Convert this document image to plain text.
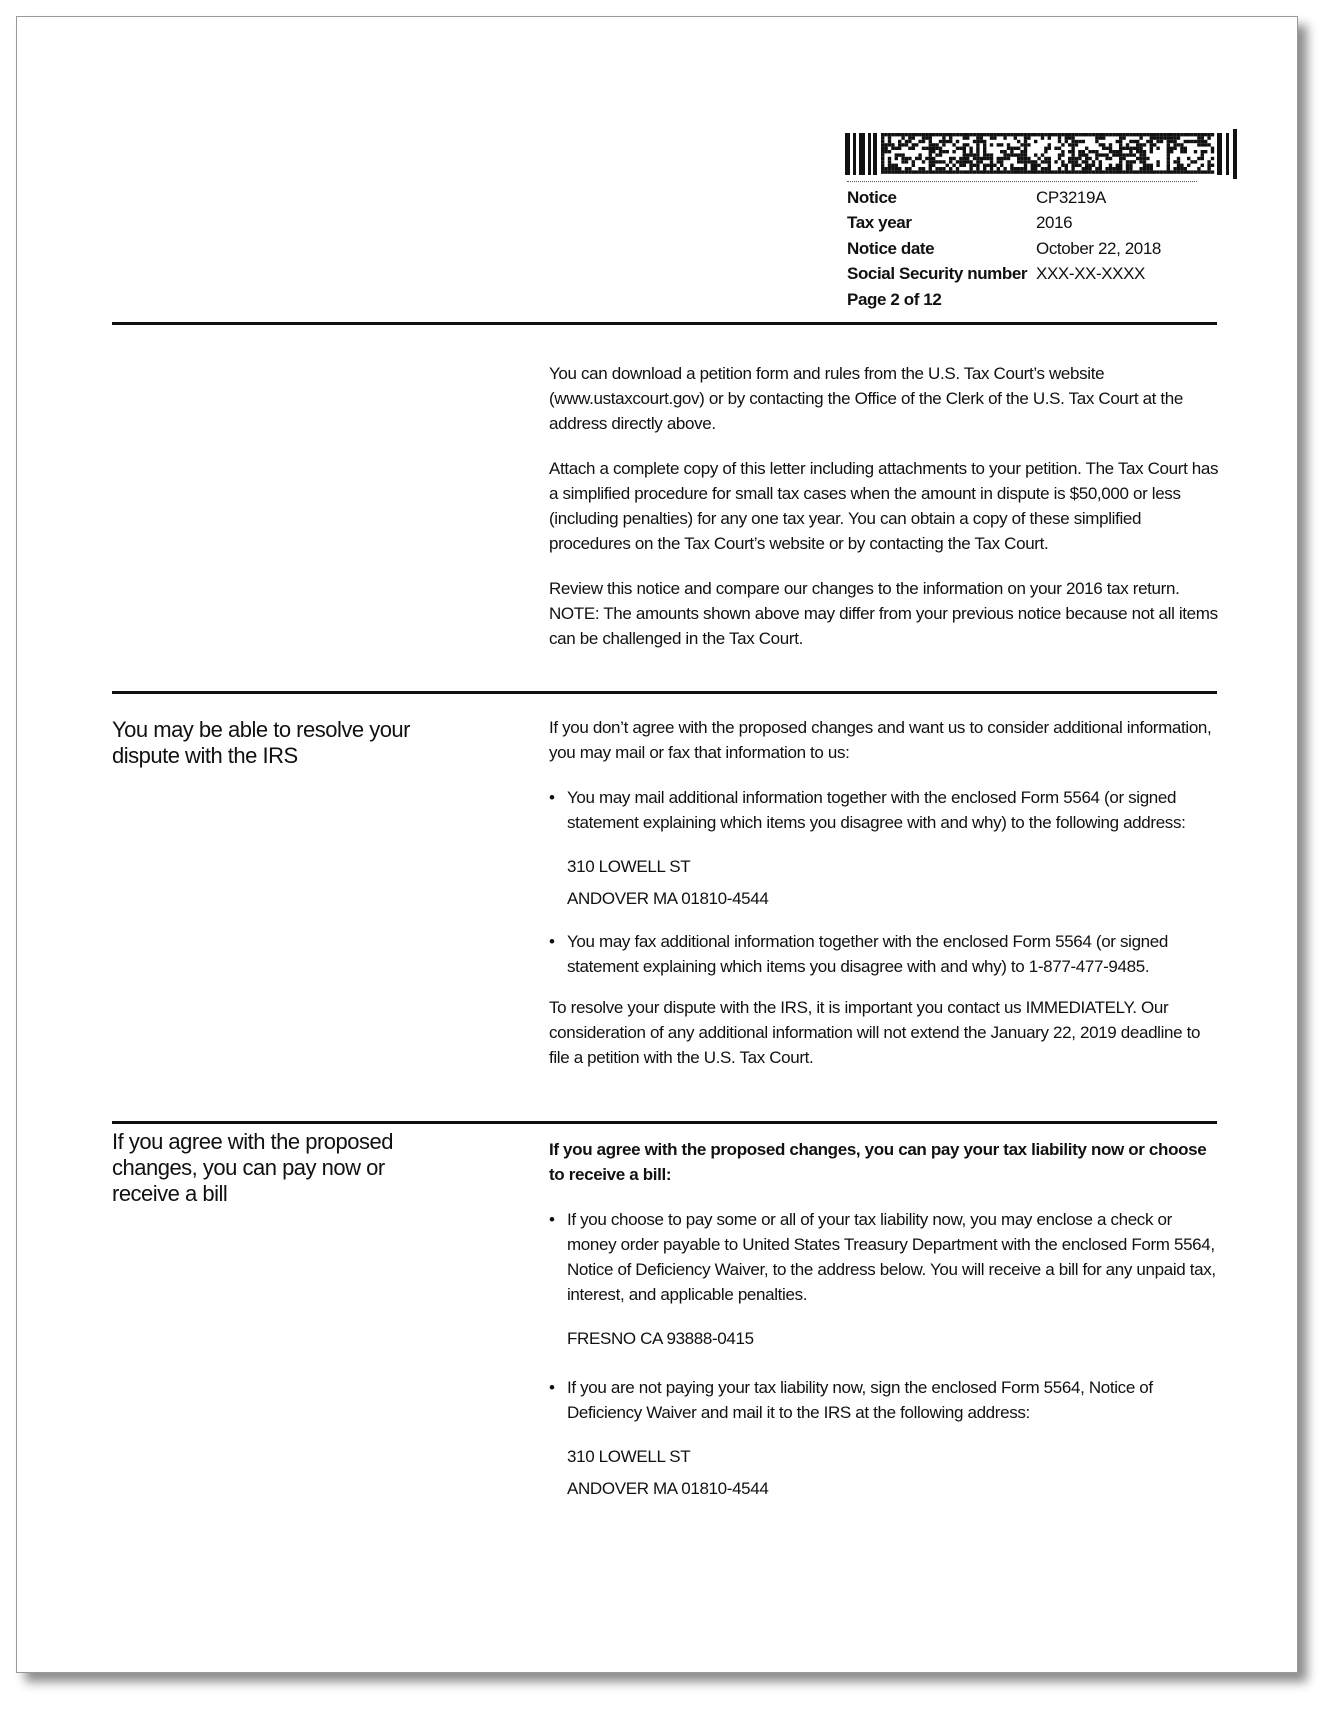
Notice	CP3219A
Tax year	2016
Notice date	October 22, 2018
Social Security number XXX-XX-XXXX
Page 2 of 12

You can download a petition form and rules from the U.S. Tax Court’s website (www.ustaxcourt.gov) or by contacting the Office of the Clerk of the U.S. Tax Court at the address directly above.

Attach a complete copy of this letter including attachments to your petition. The Tax Court has a simplified procedure for small tax cases when the amount in dispute is $50,000 or less (including penalties) for any one tax year. You can obtain a copy of these simplified procedures on the Tax Court’s website or by contacting the Tax Court.

Review this notice and compare our changes to the information on your 2016 tax return. NOTE: The amounts shown above may differ from your previous notice because not all items can be challenged in the Tax Court.

You may be able to resolve your dispute with the IRS

If you don’t agree with the proposed changes and want us to consider additional information, you may mail or fax that information to us:

• You may mail additional information together with the enclosed Form 5564 (or signed statement explaining which items you disagree with and why) to the following address:
310 LOWELL ST
ANDOVER MA 01810-4544
• You may fax additional information together with the enclosed Form 5564 (or signed statement explaining which items you disagree with and why) to 1-877-477-9485.

To resolve your dispute with the IRS, it is important you contact us IMMEDIATELY. Our consideration of any additional information will not extend the January 22, 2019 deadline to file a petition with the U.S. Tax Court.

If you agree with the proposed changes, you can pay now or receive a bill

If you agree with the proposed changes, you can pay your tax liability now or choose to receive a bill:

• If you choose to pay some or all of your tax liability now, you may enclose a check or money order payable to United States Treasury Department with the enclosed Form 5564, Notice of Deficiency Waiver, to the address below. You will receive a bill for any unpaid tax, interest, and applicable penalties.
FRESNO CA 93888-0415
• If you are not paying your tax liability now, sign the enclosed Form 5564, Notice of Deficiency Waiver and mail it to the IRS at the following address:
310 LOWELL ST
ANDOVER MA 01810-4544
